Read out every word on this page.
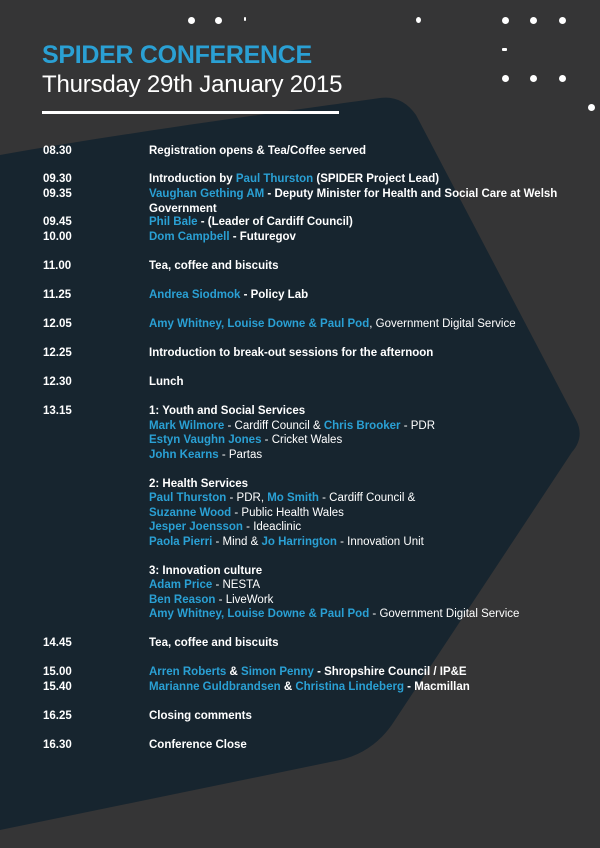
SPIDER CONFERENCE
Thursday 29th January 2015
08.30	Registration opens & Tea/Coffee served
09.30	Introduction by Paul Thurston (SPIDER Project Lead)
09.35	Vaughan Gething AM - Deputy Minister for Health and Social Care at Welsh Government
09.45	Phil Bale - (Leader of Cardiff Council)
10.00	Dom Campbell - Futuregov
11.00	Tea, coffee and biscuits
11.25	Andrea Siodmok - Policy Lab
12.05	Amy Whitney, Louise Downe & Paul Pod, Government Digital Service
12.25	Introduction to break-out sessions for the afternoon
12.30	Lunch
13.15	1: Youth and Social Services
Mark Wilmore - Cardiff Council & Chris Brooker - PDR
Estyn Vaughn Jones - Cricket Wales
John Kearns - Partas

2: Health Services
Paul Thurston - PDR, Mo Smith - Cardiff Council &
Suzanne Wood - Public Health Wales
Jesper Joensson - Ideaclinic
Paola Pierri - Mind & Jo Harrington - Innovation Unit

3: Innovation culture
Adam Price - NESTA
Ben Reason - LiveWork
Amy Whitney, Louise Downe & Paul Pod - Government Digital Service
14.45	Tea, coffee and biscuits
15.00	Arren Roberts & Simon Penny - Shropshire Council / IP&E
15.40	Marianne Guldbrandsen & Christina Lindeberg - Macmillan
16.25	Closing comments
16.30	Conference Close
